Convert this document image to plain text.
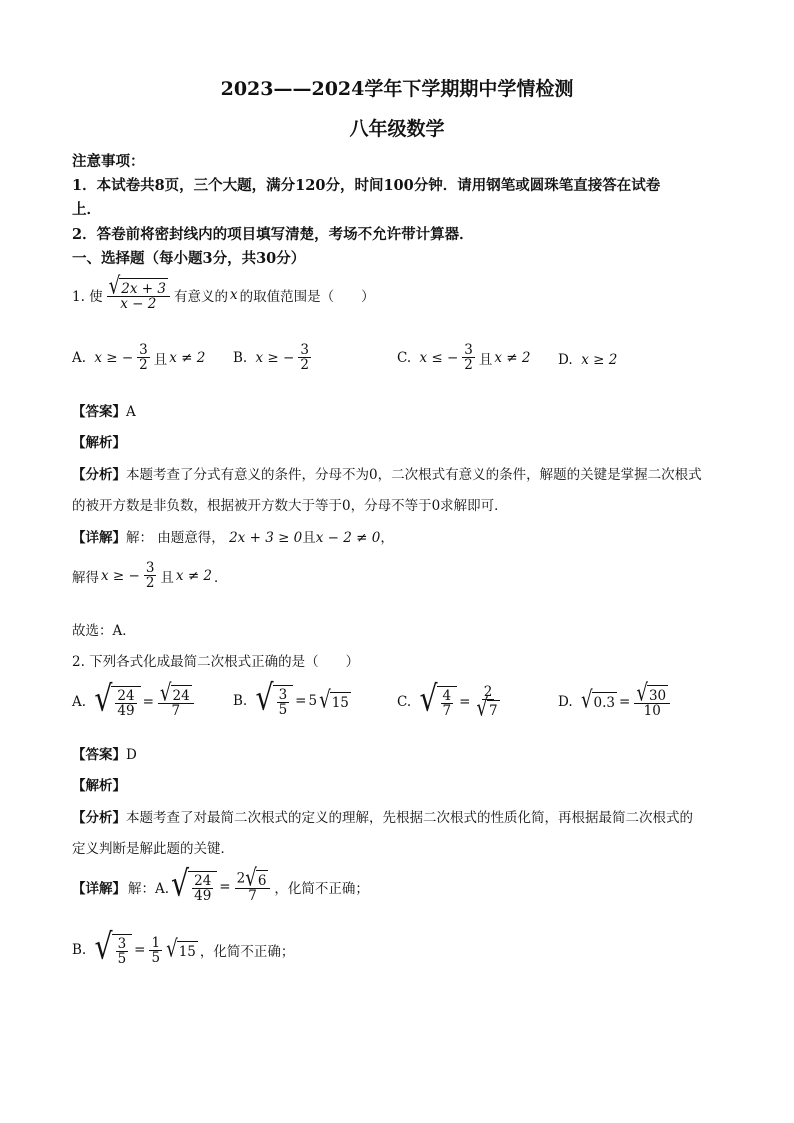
2023——2024学年下学期期中学情检测
八年级数学
注意事项：
1．本试卷共8页，三个大题，满分120分，时间100分钟．请用钢笔或圆珠笔直接答在试卷
上．
2．答卷前将密封线内的项目填写清楚，考场不允许带计算器．
一、选择题（每小题3分，共30分）
1. 使 $\frac{√ 2x + 3}{x - 2}$ 有意义的 x 的取值范围是（　　）
A.
x ≥ − $\frac{3}{2}$ 且 x ≠ 2 B.
x ≥ − $\frac{3}{2}$	C.
x ≤ − $\frac{3}{2}$ 且 x ≠ 2 D. x ≥ 2
【答案】A
【解析】
【分析】本题考查了分式有意义的条件，分母不为0，二次根式有意义的条件，解题的关键是掌握二次根式
的被开方数是非负数，根据被开方数大于等于0，分母不等于0求解即可．
【详解】解： 由题意得， 2x + 3 ≥ 0且x − 2 ≠ 0，
解得 x ≥ − $\frac{3}{2}$ 且 x ≠ 2 ．
故选：A．
2. 下列各式化成最简二次根式正确的是（　　）
A.
√ $\frac{24}{49} = \frac{√ 24}{7}$	B.
√ $\frac{3}{5} = 5$ √ 15	C.
√ $\frac{4}{7} = \frac{2}{√ 7}$	D.
√ $0.3 = \frac{√ 30}{10}$
【答案】D
【解析】
【分析】本题考查了对最简二次根式的定义的理解，先根据二次根式的性质化简，再根据最简二次根式的
定义判断是解此题的关键．
【详解】 解：A. √ $\frac{24}{49} = \frac{2 √ 6}{7}$ ，化简不正确；
B.
√ $\frac{3}{5} = \frac{1}{5}$ √ 15 ，化简不正确；
